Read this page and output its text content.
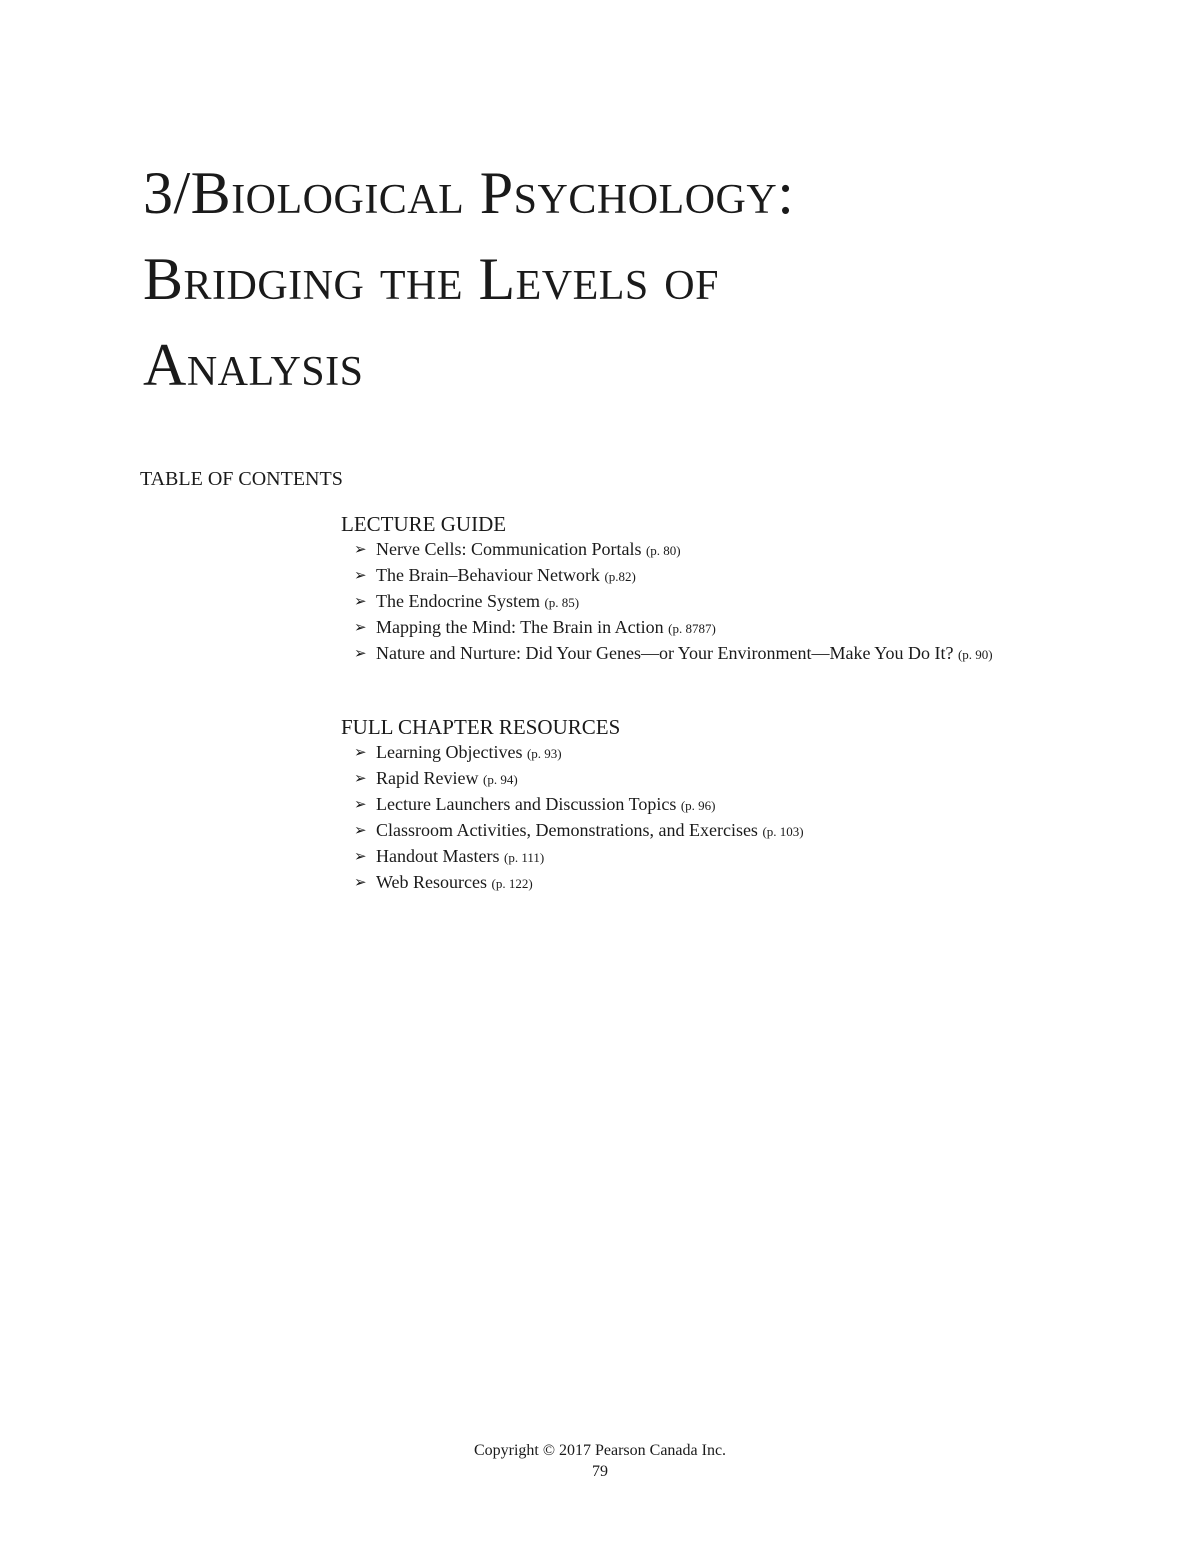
3/Biological Psychology:
Bridging the Levels of
Analysis
TABLE OF CONTENTS
LECTURE GUIDE
➢ Nerve Cells: Communication Portals (p. 80)
➢ The Brain–Behaviour Network (p.82)
➢ The Endocrine System (p. 85)
➢ Mapping the Mind: The Brain in Action (p. 8787)
➢ Nature and Nurture: Did Your Genes—or Your Environment—Make You Do It? (p. 90)
FULL CHAPTER RESOURCES
➢ Learning Objectives (p. 93)
➢ Rapid Review (p. 94)
➢ Lecture Launchers and Discussion Topics (p. 96)
➢ Classroom Activities, Demonstrations, and Exercises (p. 103)
➢ Handout Masters (p. 111)
➢ Web Resources (p. 122)
Copyright © 2017 Pearson Canada Inc.
79
